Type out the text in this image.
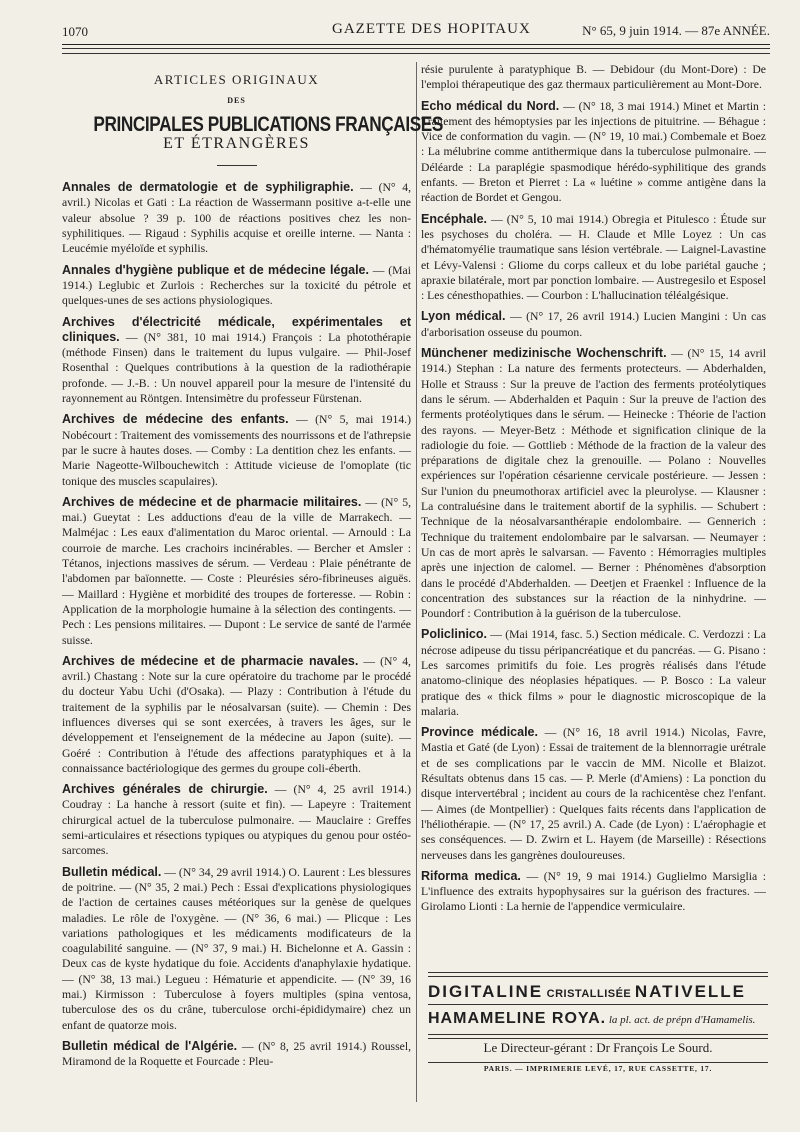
1070	GAZETTE DES HOPITAUX	N° 65, 9 juin 1914. — 87e ANNÉE.
ARTICLES ORIGINAUX
DES
PRINCIPALES PUBLICATIONS FRANÇAISES
ET ÉTRANGÈRES
Annales de dermatologie et de syphiligraphie. — (N° 4, avril.) Nicolas et Gati : La réaction de Wassermann positive a-t-elle une valeur absolue ? 39 p. 100 de réactions positives chez les non-syphilitiques. — Rigaud : Syphilis acquise et oreille interne. — Nanta : Leucémie myéloïde et syphilis.
Annales d'hygiène publique et de médecine légale. — (Mai 1914.) Leglubic et Zurlois : Recherches sur la toxicité du pétrole et quelques-unes de ses actions physiologiques.
Archives d'électricité médicale, expérimentales et cliniques. — (N° 381, 10 mai 1914.) François : La photothérapie (méthode Finsen) dans le traitement du lupus vulgaire. — Phil-Josef Rosenthal : Quelques contributions à la question de la radiothérapie profonde. — J.-B. : Un nouvel appareil pour la mesure de l'intensité du rayonnement au Röntgen. Intensimètre du professeur Fürstenan.
Archives de médecine des enfants. — (N° 5, mai 1914.) Nobécourt : Traitement des vomissements des nourrissons et de l'athrepsie par le sucre à hautes doses. — Comby : La dentition chez les enfants. — Marie Nageotte-Wilbouchewitch : Attitude vicieuse de l'omoplate (tic tonique des muscles scapulaires).
Archives de médecine et de pharmacie militaires. — (N° 5, mai.) Gueytat : Les adductions d'eau de la ville de Marrakech. — Malméjac : Les eaux d'alimentation du Maroc oriental. — Arnould : La courroie de marche. Les crachoirs incinérables. — Bercher et Amsler : Tétanos, injections massives de sérum. — Verdeau : Plaie pénétrante de l'abdomen par baïonnette. — Coste : Pleurésies séro-fibrineuses aiguës. — Maillard : Hygiène et morbidité des troupes de forteresse. — Robin : Application de la morphologie humaine à la sélection des contingents. — Pech : Les pensions militaires. — Dupont : Le service de santé de l'armée suisse.
Archives de médecine et de pharmacie navales. — (N° 4, avril.) Chastang : Note sur la cure opératoire du trachome par le procédé du docteur Yabu Uchi (d'Osaka). — Plazy : Contribution à l'étude du traitement de la syphilis par le néosalvarsan (suite). — Chemin : Des influences diverses qui se sont exercées, à travers les âges, sur le développement et l'enseignement de la médecine au Japon (suite). — Goéré : Contribution à l'étude des affections paratyphiques et à la connaissance bactériologique des germes du groupe coli-éberth.
Archives générales de chirurgie. — (N° 4, 25 avril 1914.) Coudray : La hanche à ressort (suite et fin). — Lapeyre : Traitement chirurgical actuel de la tuberculose pulmonaire. — Mauclaire : Greffes semi-articulaires et résections typiques ou atypiques du genou pour ostéo-sarcomes.
Bulletin médical. — (N° 34, 29 avril 1914.) O. Laurent : Les blessures de poitrine. — (N° 35, 2 mai.) Pech : Essai d'explications physiologiques de l'action de certaines causes météoriques sur la genèse de quelques maladies. Le rôle de l'oxygène. — (N° 36, 6 mai.) — Plicque : Les variations pathologiques et les médicaments modificateurs de la coagulabilité sanguine. — (N° 37, 9 mai.) H. Bichelonne et A. Gassin : Deux cas de kyste hydatique du foie. Accidents d'anaphylaxie hydatique. — (N° 38, 13 mai.) Legueu : Hématurie et appendicite. — (N° 39, 16 mai.) Kirmisson : Tuberculose à foyers multiples (spina ventosa, tuberculose des os du crâne, tuberculose orchi-épididymaire) chez un enfant de quatorze mois.
Bulletin médical de l'Algérie. — (N° 8, 25 avril 1914.) Roussel, Miramond de la Roquette et Fourcade : Pleu-
résie purulente à paratyphique B. — Debidour (du Mont-Dore) : De l'emploi thérapeutique des gaz thermaux particulièrement au Mont-Dore.
Echo médical du Nord. — (N° 18, 3 mai 1914.) Minet et Martin : Traitement des hémoptysies par les injections de pituitrine. — Béhague : Vice de conformation du vagin. — (N° 19, 10 mai.) Combemale et Boez : La mélubrine comme antithermique dans la tuberculose pulmonaire. — Déléarde : La paraplégie spasmodique hérédo-syphilitique des grands enfants. — Breton et Pierret : La « luétine » comme antigène dans la réaction de Bordet et Gengou.
Encéphale. — (N° 5, 10 mai 1914.) Obregia et Pitulesco : Étude sur les psychoses du choléra. — H. Claude et Mlle Loyez : Un cas d'hématomyélie traumatique sans lésion vertébrale. — Laignel-Lavastine et Lévy-Valensi : Gliome du corps calleux et du lobe pariétal gauche ; apraxie bilatérale, mort par ponction lombaire. — Austregesilo et Esposel : Les cénesthopathies. — Courbon : L'hallucination téléalgésique.
Lyon médical. — (N° 17, 26 avril 1914.) Lucien Mangini : Un cas d'arborisation osseuse du poumon.
Münchener medizinische Wochenschrift. — (N° 15, 14 avril 1914.) Stephan : La nature des ferments protecteurs. — Abderhalden, Holle et Strauss : Sur la preuve de l'action des ferments protéolytiques dans le sérum. — Abderhalden et Paquin : Sur la preuve de l'action des ferments protéolytiques dans le sérum. — Heinecke : Théorie de l'action des rayons. — Meyer-Betz : Méthode et signification clinique de la radiologie du foie. — Gottlieb : Méthode de la fraction de la valeur des préparations de digitale chez la grenouille. — Polano : Nouvelles expériences sur l'opération césarienne cervicale postérieure. — Jessen : Sur l'union du pneumothorax artificiel avec la pleurolyse. — Klausner : La contraluésine dans le traitement abortif de la syphilis. — Schubert : Technique de la néosalvarsanthérapie endolombaire. — Gennerich : Technique du traitement endolombaire par le salvarsan. — Neumayer : Un cas de mort après le salvarsan. — Favento : Hémorragies multiples après une injection de calomel. — Berner : Phénomènes d'absorption dans le procédé d'Abderhalden. — Deetjen et Fraenkel : Influence de la concentration des substances sur la réaction de la ninhydrine. — Poundorf : Contribution à la guérison de la tuberculose.
Policlinico. — (Mai 1914, fasc. 5.) Section médicale. C. Verdozzi : La nécrose adipeuse du tissu péripancréatique et du pancréas. — G. Pisano : Les sarcomes primitifs du foie. Les progrès réalisés dans l'étude anatomo-clinique des néoplasies hépatiques. — P. Bosco : La valeur pratique des « thick films » pour le diagnostic microscopique de la malaria.
Province médicale. — (N° 16, 18 avril 1914.) Nicolas, Favre, Mastia et Gaté (de Lyon) : Essai de traitement de la blennorragie urétrale et de ses complications par le vaccin de MM. Nicolle et Blaizot. Résultats obtenus dans 15 cas. — P. Merle (d'Amiens) : La ponction du disque intervertébral ; incident au cours de la rachicentèse chez l'enfant. — Aimes (de Montpellier) : Quelques faits récents dans l'application de l'héliothérapie. — (N° 17, 25 avril.) A. Cade (de Lyon) : L'aérophagie et ses conséquences. — D. Zwirn et L. Hayem (de Marseille) : Résections nerveuses dans les gangrènes douloureuses.
Riforma medica. — (N° 19, 9 mai 1914.) Guglielmo Marsiglia : L'influence des extraits hypophysaires sur la guérison des fractures. — Girolamo Lionti : La hernie de l'appendice vermiculaire.
DIGITALINE CRISTALLISÉE NATIVELLE
HAMAMELINE ROYA. la pl. act. de prépn d'Hamamelis.
Le Directeur-gérant : Dr François Le Sourd.
PARIS. — IMPRIMERIE LEVÉ, 17, RUE CASSETTE, 17.
